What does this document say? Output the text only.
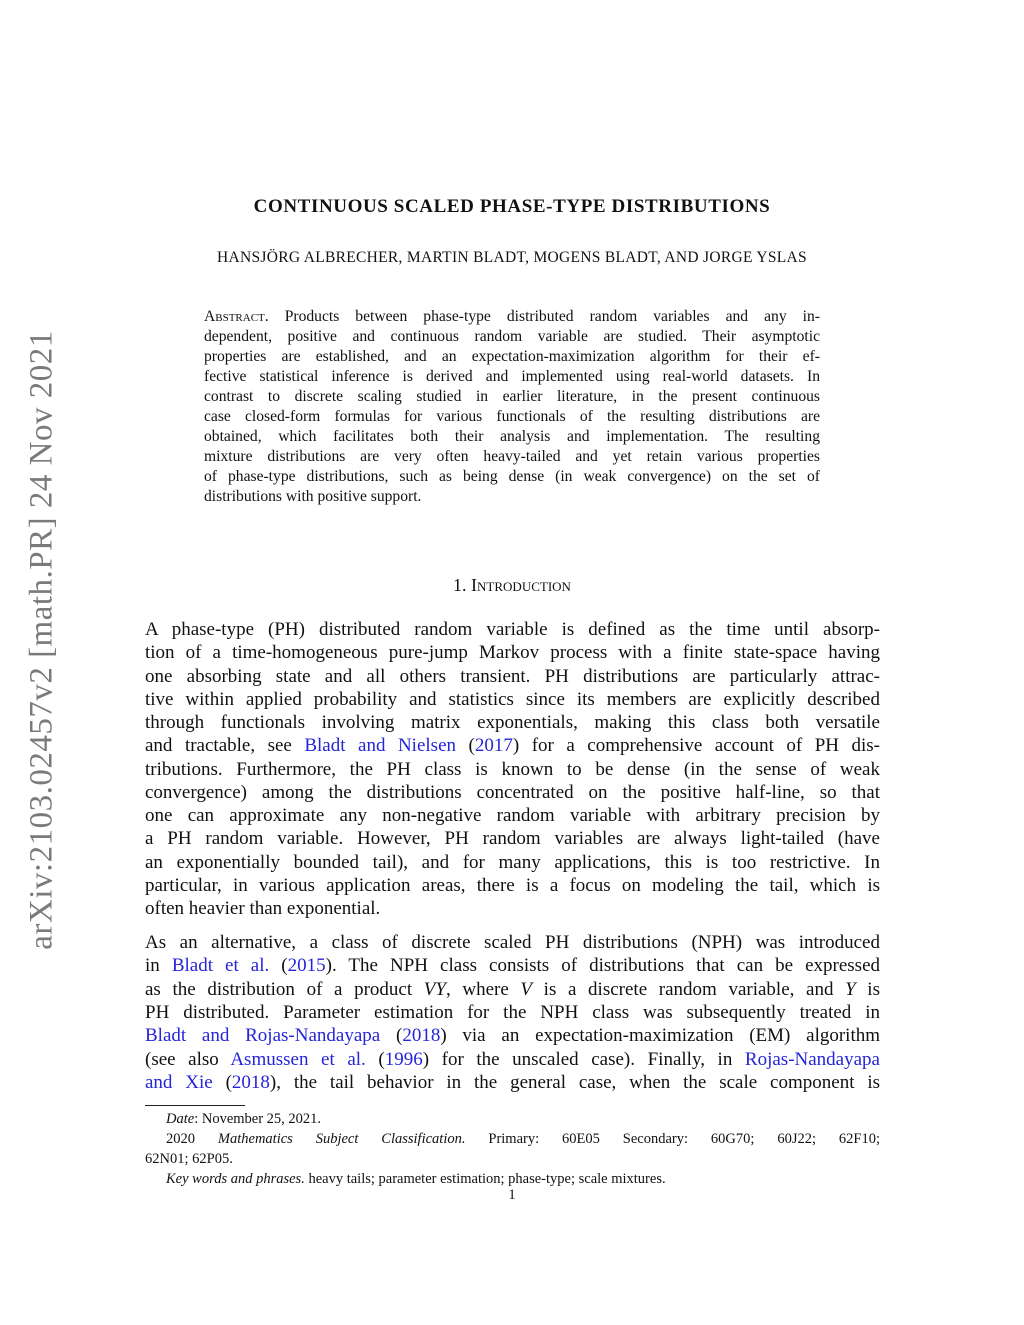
arXiv:2103.02457v2 [math.PR] 24 Nov 2021
CONTINUOUS SCALED PHASE-TYPE DISTRIBUTIONS
HANSJÖRG ALBRECHER, MARTIN BLADT, MOGENS BLADT, AND JORGE YSLAS
Abstract. Products between phase-type distributed random variables and any in-
dependent, positive and continuous random variable are studied. Their asymptotic
properties are established, and an expectation-maximization algorithm for their ef-
fective statistical inference is derived and implemented using real-world datasets. In
contrast to discrete scaling studied in earlier literature, in the present continuous
case closed-form formulas for various functionals of the resulting distributions are
obtained, which facilitates both their analysis and implementation. The resulting
mixture distributions are very often heavy-tailed and yet retain various properties
of phase-type distributions, such as being dense (in weak convergence) on the set of
distributions with positive support.
1. Introduction
A phase-type (PH) distributed random variable is defined as the time until absorp-
tion of a time-homogeneous pure-jump Markov process with a finite state-space having
one absorbing state and all others transient. PH distributions are particularly attrac-
tive within applied probability and statistics since its members are explicitly described
through functionals involving matrix exponentials, making this class both versatile
and tractable, see Bladt and Nielsen (2017) for a comprehensive account of PH dis-
tributions. Furthermore, the PH class is known to be dense (in the sense of weak
convergence) among the distributions concentrated on the positive half-line, so that
one can approximate any non-negative random variable with arbitrary precision by
a PH random variable. However, PH random variables are always light-tailed (have
an exponentially bounded tail), and for many applications, this is too restrictive. In
particular, in various application areas, there is a focus on modeling the tail, which is
often heavier than exponential.
As an alternative, a class of discrete scaled PH distributions (NPH) was introduced
in Bladt et al. (2015). The NPH class consists of distributions that can be expressed
as the distribution of a product VY, where V is a discrete random variable, and Y is
PH distributed. Parameter estimation for the NPH class was subsequently treated in
Bladt and Rojas-Nandayapa (2018) via an expectation-maximization (EM) algorithm
(see also Asmussen et al. (1996) for the unscaled case). Finally, in Rojas-Nandayapa
and Xie (2018), the tail behavior in the general case, when the scale component is
Date: November 25, 2021.
2020 Mathematics Subject Classification. Primary: 60E05 Secondary: 60G70; 60J22; 62F10;
62N01; 62P05.
Key words and phrases. heavy tails; parameter estimation; phase-type; scale mixtures.
1
